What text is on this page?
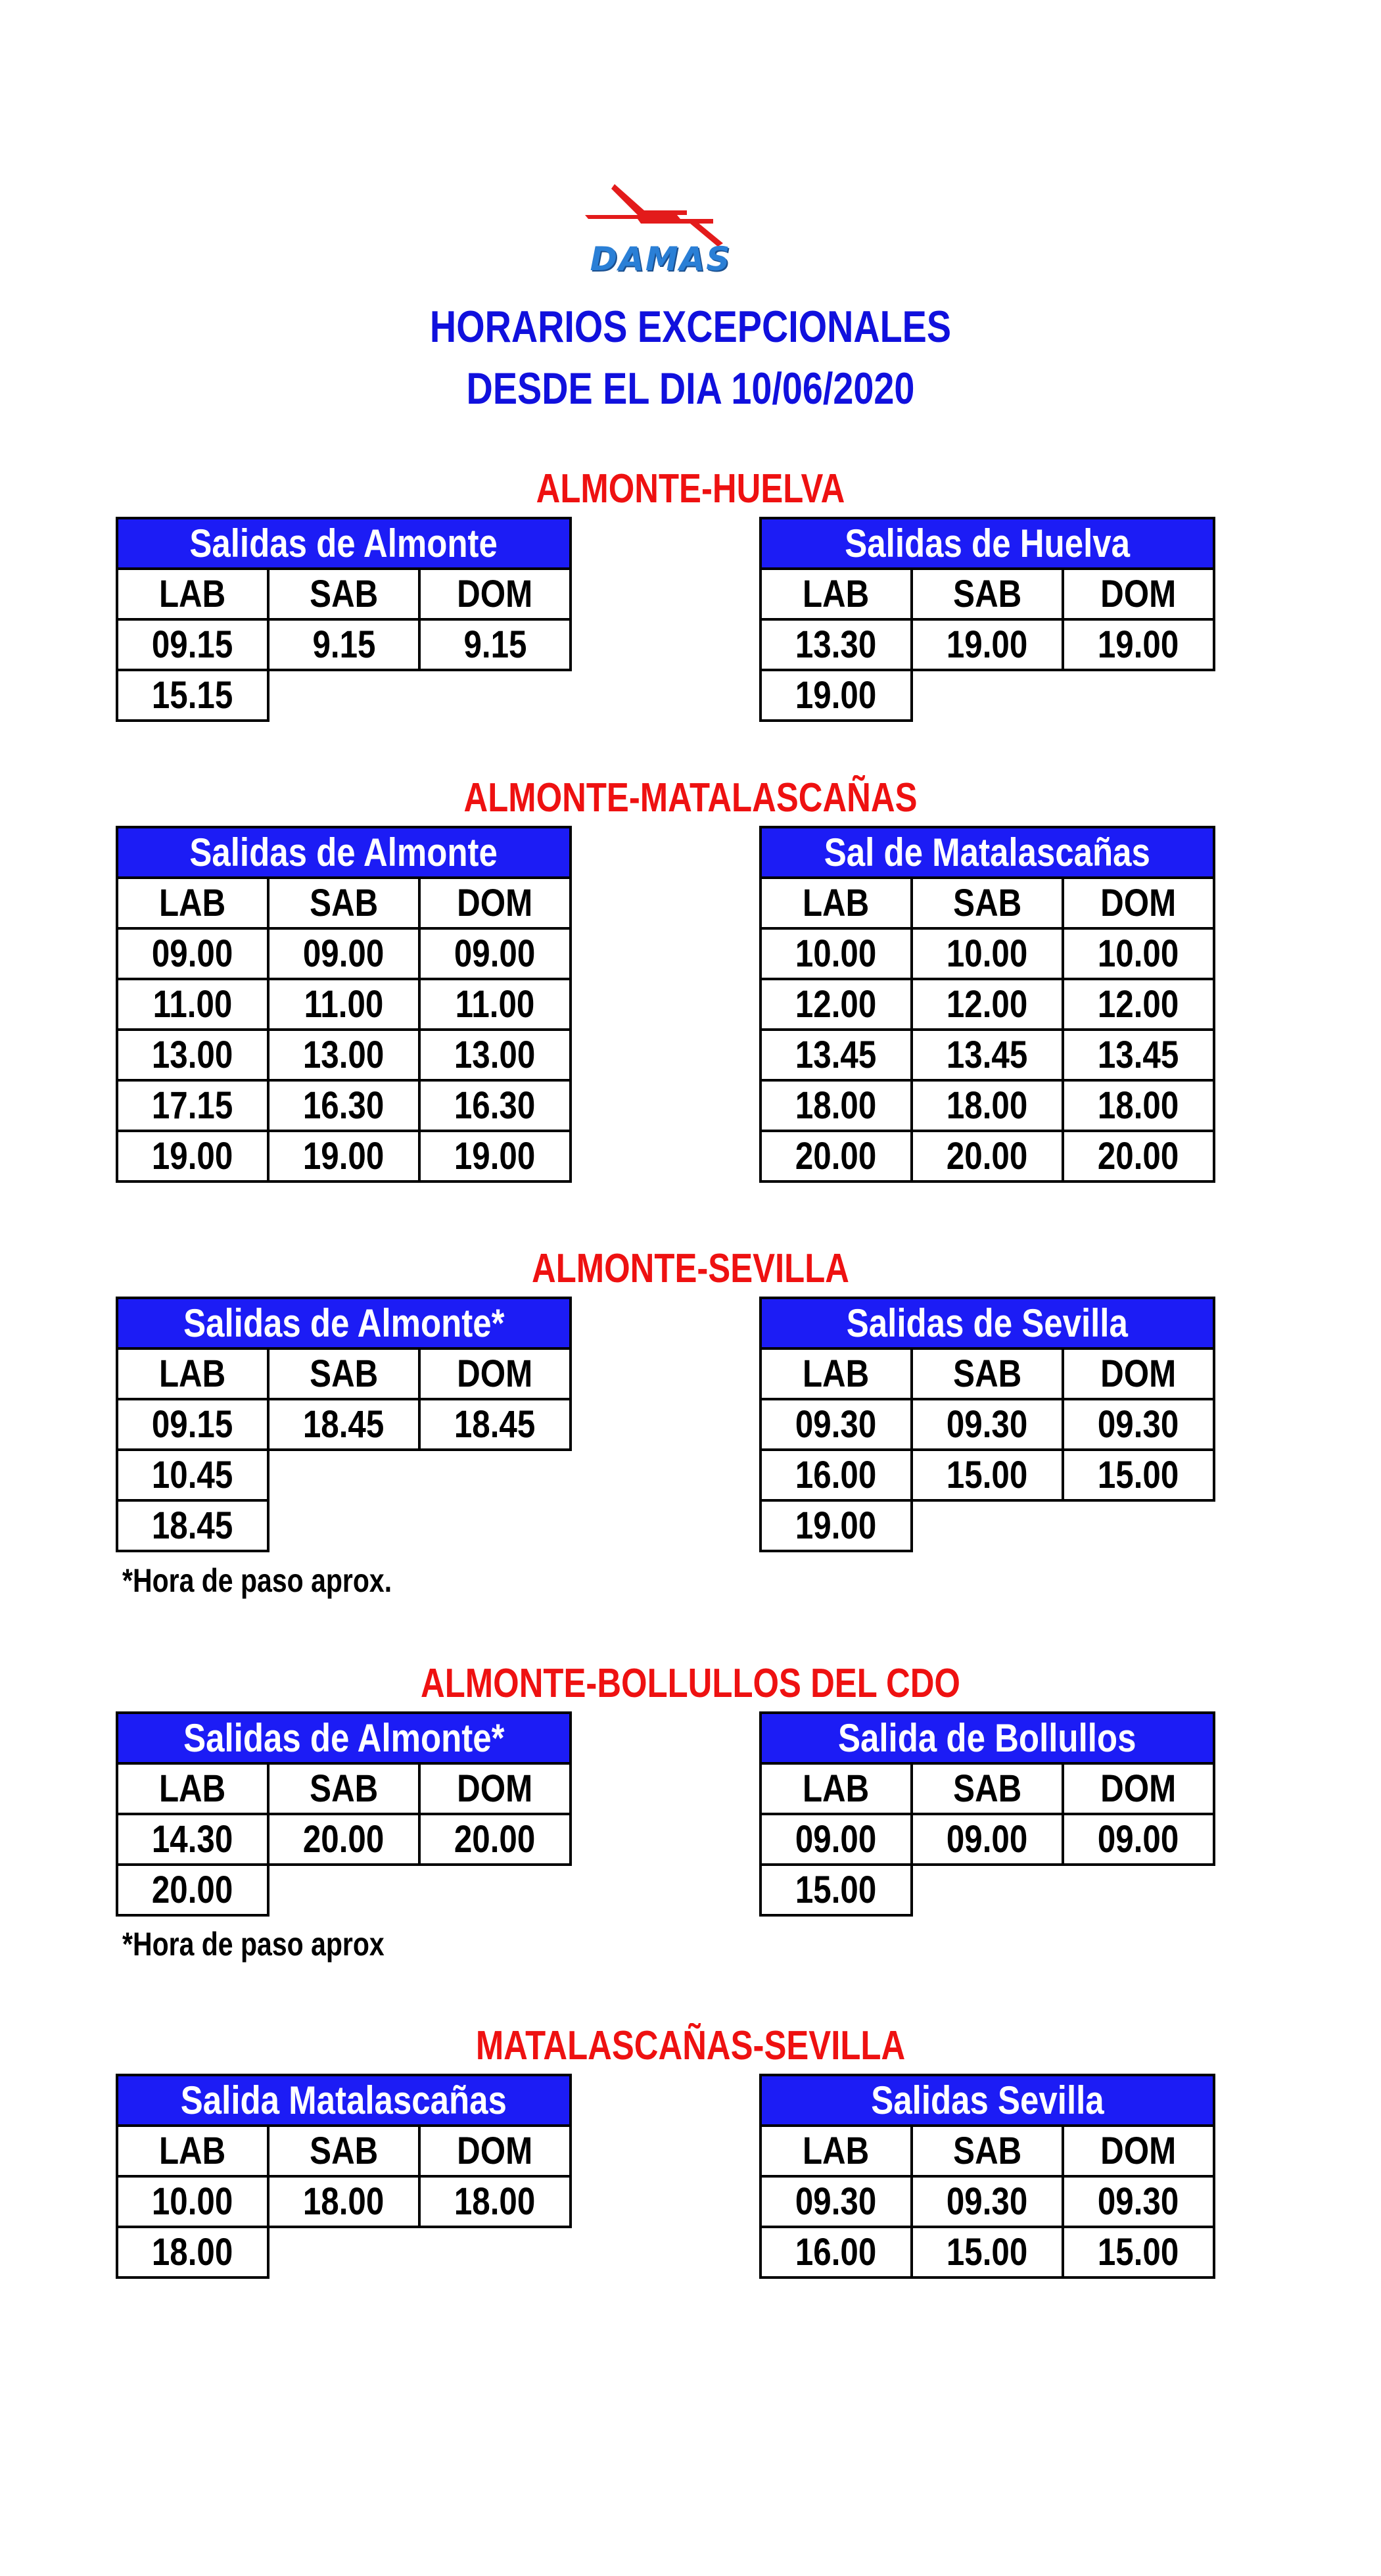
DAMAS
HORARIOS EXCEPCIONALES
DESDE EL DIA 10/06/2020
ALMONTE-HUELVA
Salidas de Almonte		
LAB	SAB	DOM
09.15	9.15	9.15
15.15		
Salidas de Huelva		
LAB	SAB	DOM
13.30	19.00	19.00
19.00		
ALMONTE-MATALASCAÑAS
Salidas de Almonte		
LAB	SAB	DOM
09.00	09.00	09.00
11.00	11.00	11.00
13.00	13.00	13.00
17.15	16.30	16.30
19.00	19.00	19.00
Sal de Matalascañas		
LAB	SAB	DOM
10.00	10.00	10.00
12.00	12.00	12.00
13.45	13.45	13.45
18.00	18.00	18.00
20.00	20.00	20.00
ALMONTE-SEVILLA
Salidas de Almonte*		
LAB	SAB	DOM
09.15	18.45	18.45
10.45		
18.45		
Salidas de Sevilla		
LAB	SAB	DOM
09.30	09.30	09.30
16.00	15.00	15.00
19.00		
*Hora de paso aprox.
ALMONTE-BOLLULLOS DEL CDO
Salidas de Almonte*		
LAB	SAB	DOM
14.30	20.00	20.00
20.00		
Salida de Bollullos		
LAB	SAB	DOM
09.00	09.00	09.00
15.00		
*Hora de paso aprox
MATALASCAÑAS-SEVILLA
Salida Matalascañas		
LAB	SAB	DOM
10.00	18.00	18.00
18.00		
Salidas Sevilla		
LAB	SAB	DOM
09.30	09.30	09.30
16.00	15.00	15.00
